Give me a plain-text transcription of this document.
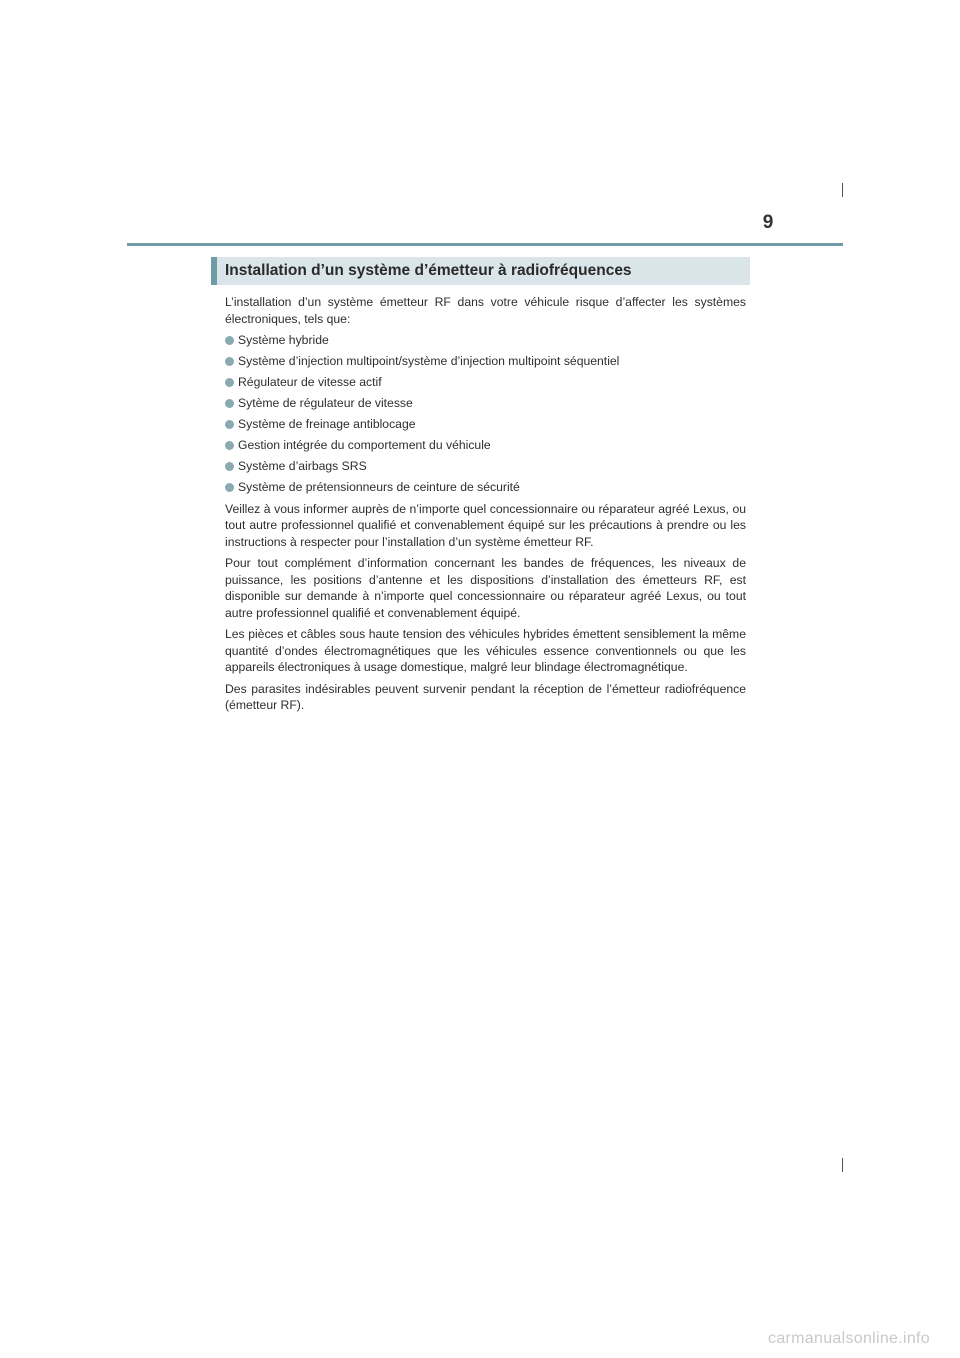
9
Installation d’un système d’émetteur à radiofréquences

L’installation d’un système émetteur RF dans votre véhicule risque d’affecter les systèmes électroniques, tels que:

Système hybride
Système d’injection multipoint/système d’injection multipoint séquentiel
Régulateur de vitesse actif
Sytème de régulateur de vitesse
Système de freinage antiblocage
Gestion intégrée du comportement du véhicule
Système d’airbags SRS
Système de prétensionneurs de ceinture de sécurité

Veillez à vous informer auprès de n’importe quel concessionnaire ou réparateur agréé Lexus, ou tout autre professionnel qualifié et convenablement équipé sur les précautions à prendre ou les instructions à respecter pour l’installation d’un système émetteur RF.

Pour tout complément d’information concernant les bandes de fréquences, les niveaux de puissance, les positions d’antenne et les dispositions d’installation des émetteurs RF, est disponible sur demande à n’importe quel concessionnaire ou réparateur agréé Lexus, ou tout autre professionnel qualifié et convenablement équipé.

Les pièces et câbles sous haute tension des véhicules hybrides émettent sensiblement la même quantité d’ondes électromagnétiques que les véhicules essence conventionnels ou que les appareils électroniques à usage domestique, malgré leur blindage électromagnétique.

Des parasites indésirables peuvent survenir pendant la réception de l’émetteur radiofréquence (émetteur RF).

carmanualsonline.info
